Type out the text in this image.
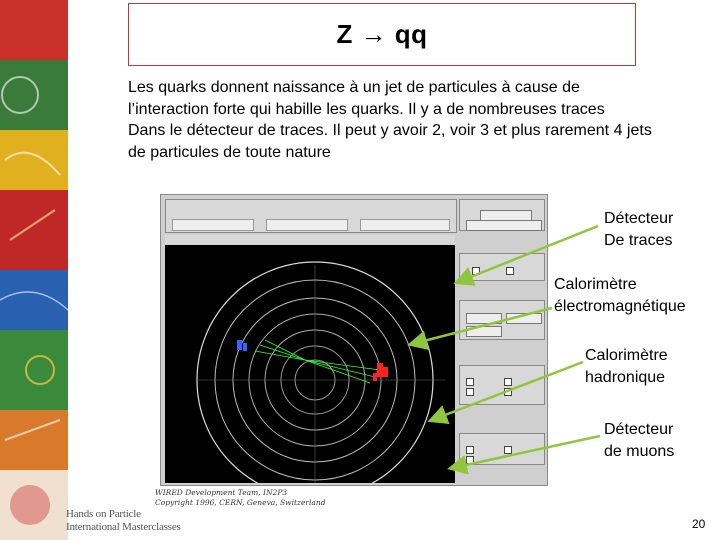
Z → qq
Les quarks donnent naissance à un jet de particules à cause de
l’interaction forte qui habille les quarks. Il y a de nombreuses traces
Dans le détecteur de traces. Il peut y avoir 2, voir 3 et plus rarement 4 jets
de particules de toute nature
WIRED Development Team, IN2P3
Copyright 1996, CERN, Geneva, Switzerland
Détecteur
De traces
Calorimètre
électromagnétique
Calorimètre
hadronique
Détecteur
de muons
Hands on Particle
International Masterclasses	20
